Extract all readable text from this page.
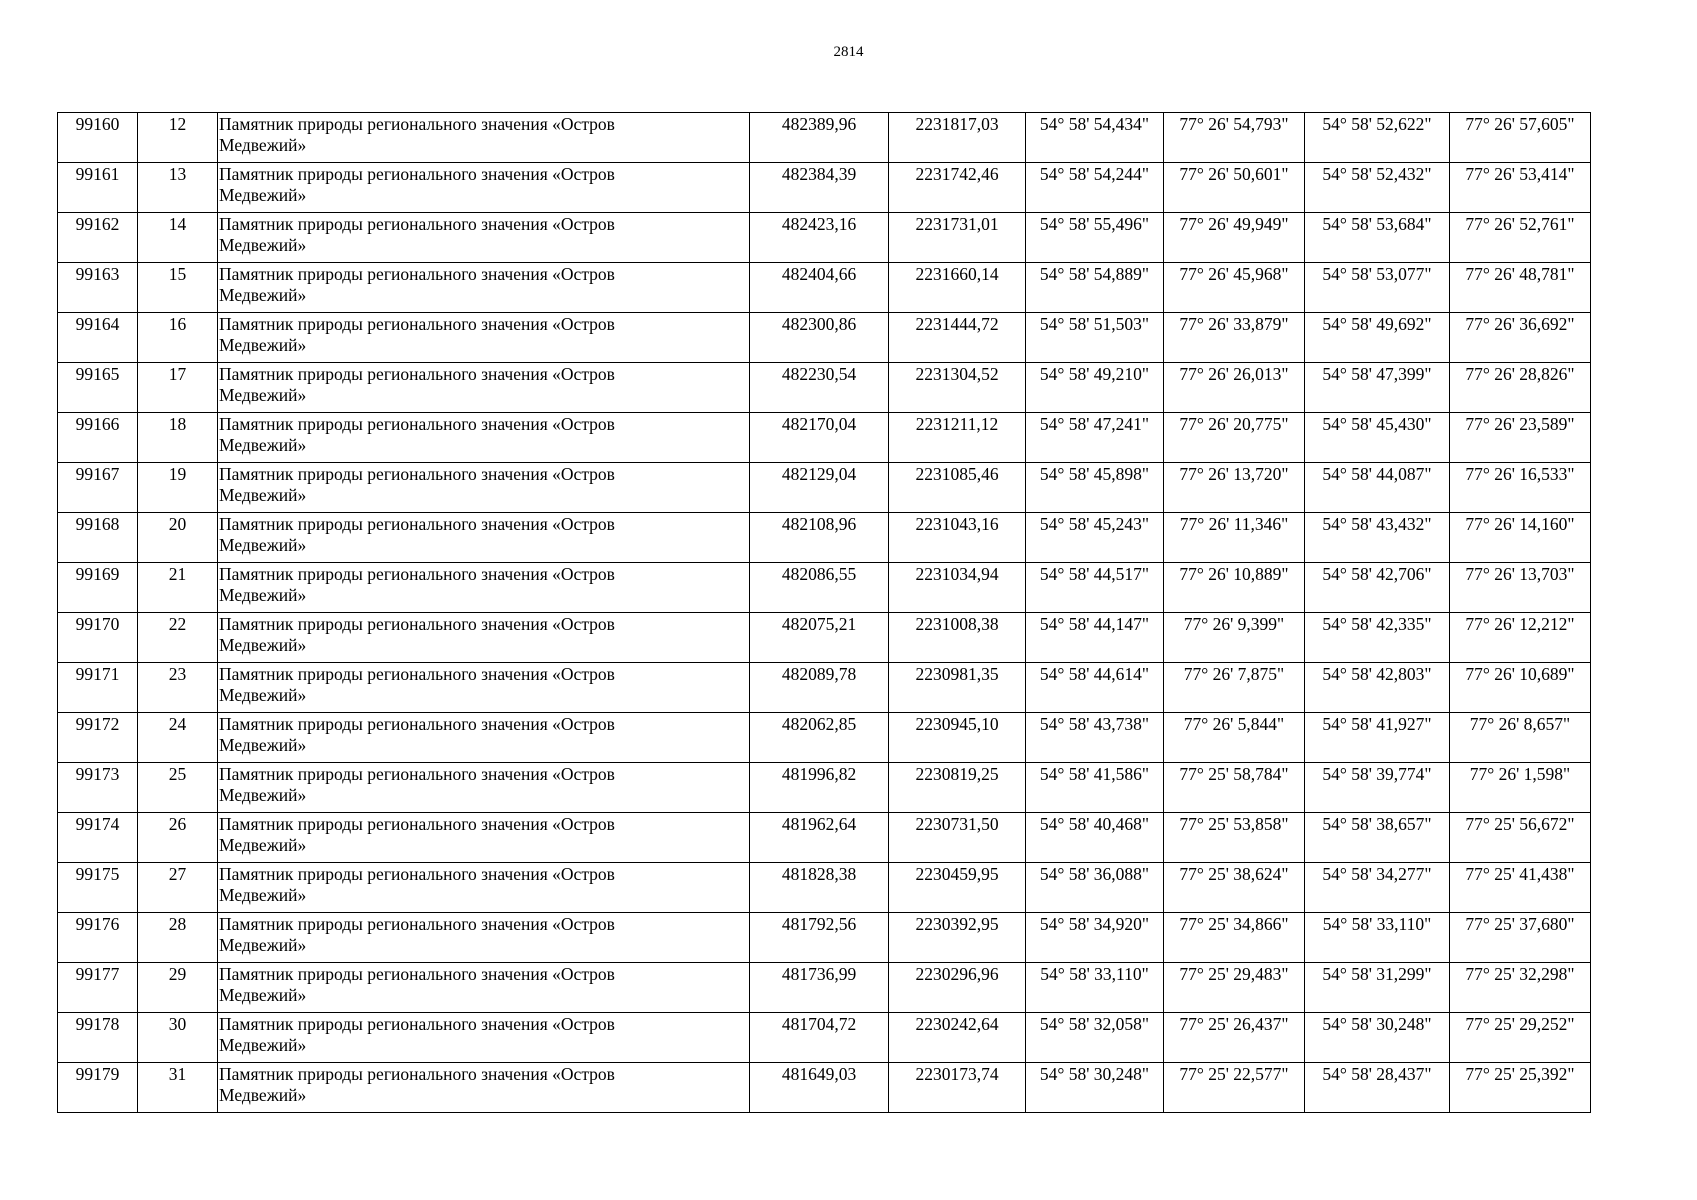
2814
99160	12	Памятник природы регионального значения «Остров Медвежий»	482389,96	2231817,03	54° 58' 54,434"	77° 26' 54,793"	54° 58' 52,622"	77° 26' 57,605"
99161	13	Памятник природы регионального значения «Остров Медвежий»	482384,39	2231742,46	54° 58' 54,244"	77° 26' 50,601"	54° 58' 52,432"	77° 26' 53,414"
99162	14	Памятник природы регионального значения «Остров Медвежий»	482423,16	2231731,01	54° 58' 55,496"	77° 26' 49,949"	54° 58' 53,684"	77° 26' 52,761"
99163	15	Памятник природы регионального значения «Остров Медвежий»	482404,66	2231660,14	54° 58' 54,889"	77° 26' 45,968"	54° 58' 53,077"	77° 26' 48,781"
99164	16	Памятник природы регионального значения «Остров Медвежий»	482300,86	2231444,72	54° 58' 51,503"	77° 26' 33,879"	54° 58' 49,692"	77° 26' 36,692"
99165	17	Памятник природы регионального значения «Остров Медвежий»	482230,54	2231304,52	54° 58' 49,210"	77° 26' 26,013"	54° 58' 47,399"	77° 26' 28,826"
99166	18	Памятник природы регионального значения «Остров Медвежий»	482170,04	2231211,12	54° 58' 47,241"	77° 26' 20,775"	54° 58' 45,430"	77° 26' 23,589"
99167	19	Памятник природы регионального значения «Остров Медвежий»	482129,04	2231085,46	54° 58' 45,898"	77° 26' 13,720"	54° 58' 44,087"	77° 26' 16,533"
99168	20	Памятник природы регионального значения «Остров Медвежий»	482108,96	2231043,16	54° 58' 45,243"	77° 26' 11,346"	54° 58' 43,432"	77° 26' 14,160"
99169	21	Памятник природы регионального значения «Остров Медвежий»	482086,55	2231034,94	54° 58' 44,517"	77° 26' 10,889"	54° 58' 42,706"	77° 26' 13,703"
99170	22	Памятник природы регионального значения «Остров Медвежий»	482075,21	2231008,38	54° 58' 44,147"	77° 26' 9,399"	54° 58' 42,335"	77° 26' 12,212"
99171	23	Памятник природы регионального значения «Остров Медвежий»	482089,78	2230981,35	54° 58' 44,614"	77° 26' 7,875"	54° 58' 42,803"	77° 26' 10,689"
99172	24	Памятник природы регионального значения «Остров Медвежий»	482062,85	2230945,10	54° 58' 43,738"	77° 26' 5,844"	54° 58' 41,927"	77° 26' 8,657"
99173	25	Памятник природы регионального значения «Остров Медвежий»	481996,82	2230819,25	54° 58' 41,586"	77° 25' 58,784"	54° 58' 39,774"	77° 26' 1,598"
99174	26	Памятник природы регионального значения «Остров Медвежий»	481962,64	2230731,50	54° 58' 40,468"	77° 25' 53,858"	54° 58' 38,657"	77° 25' 56,672"
99175	27	Памятник природы регионального значения «Остров Медвежий»	481828,38	2230459,95	54° 58' 36,088"	77° 25' 38,624"	54° 58' 34,277"	77° 25' 41,438"
99176	28	Памятник природы регионального значения «Остров Медвежий»	481792,56	2230392,95	54° 58' 34,920"	77° 25' 34,866"	54° 58' 33,110"	77° 25' 37,680"
99177	29	Памятник природы регионального значения «Остров Медвежий»	481736,99	2230296,96	54° 58' 33,110"	77° 25' 29,483"	54° 58' 31,299"	77° 25' 32,298"
99178	30	Памятник природы регионального значения «Остров Медвежий»	481704,72	2230242,64	54° 58' 32,058"	77° 25' 26,437"	54° 58' 30,248"	77° 25' 29,252"
99179	31	Памятник природы регионального значения «Остров Медвежий»	481649,03	2230173,74	54° 58' 30,248"	77° 25' 22,577"	54° 58' 28,437"	77° 25' 25,392"
